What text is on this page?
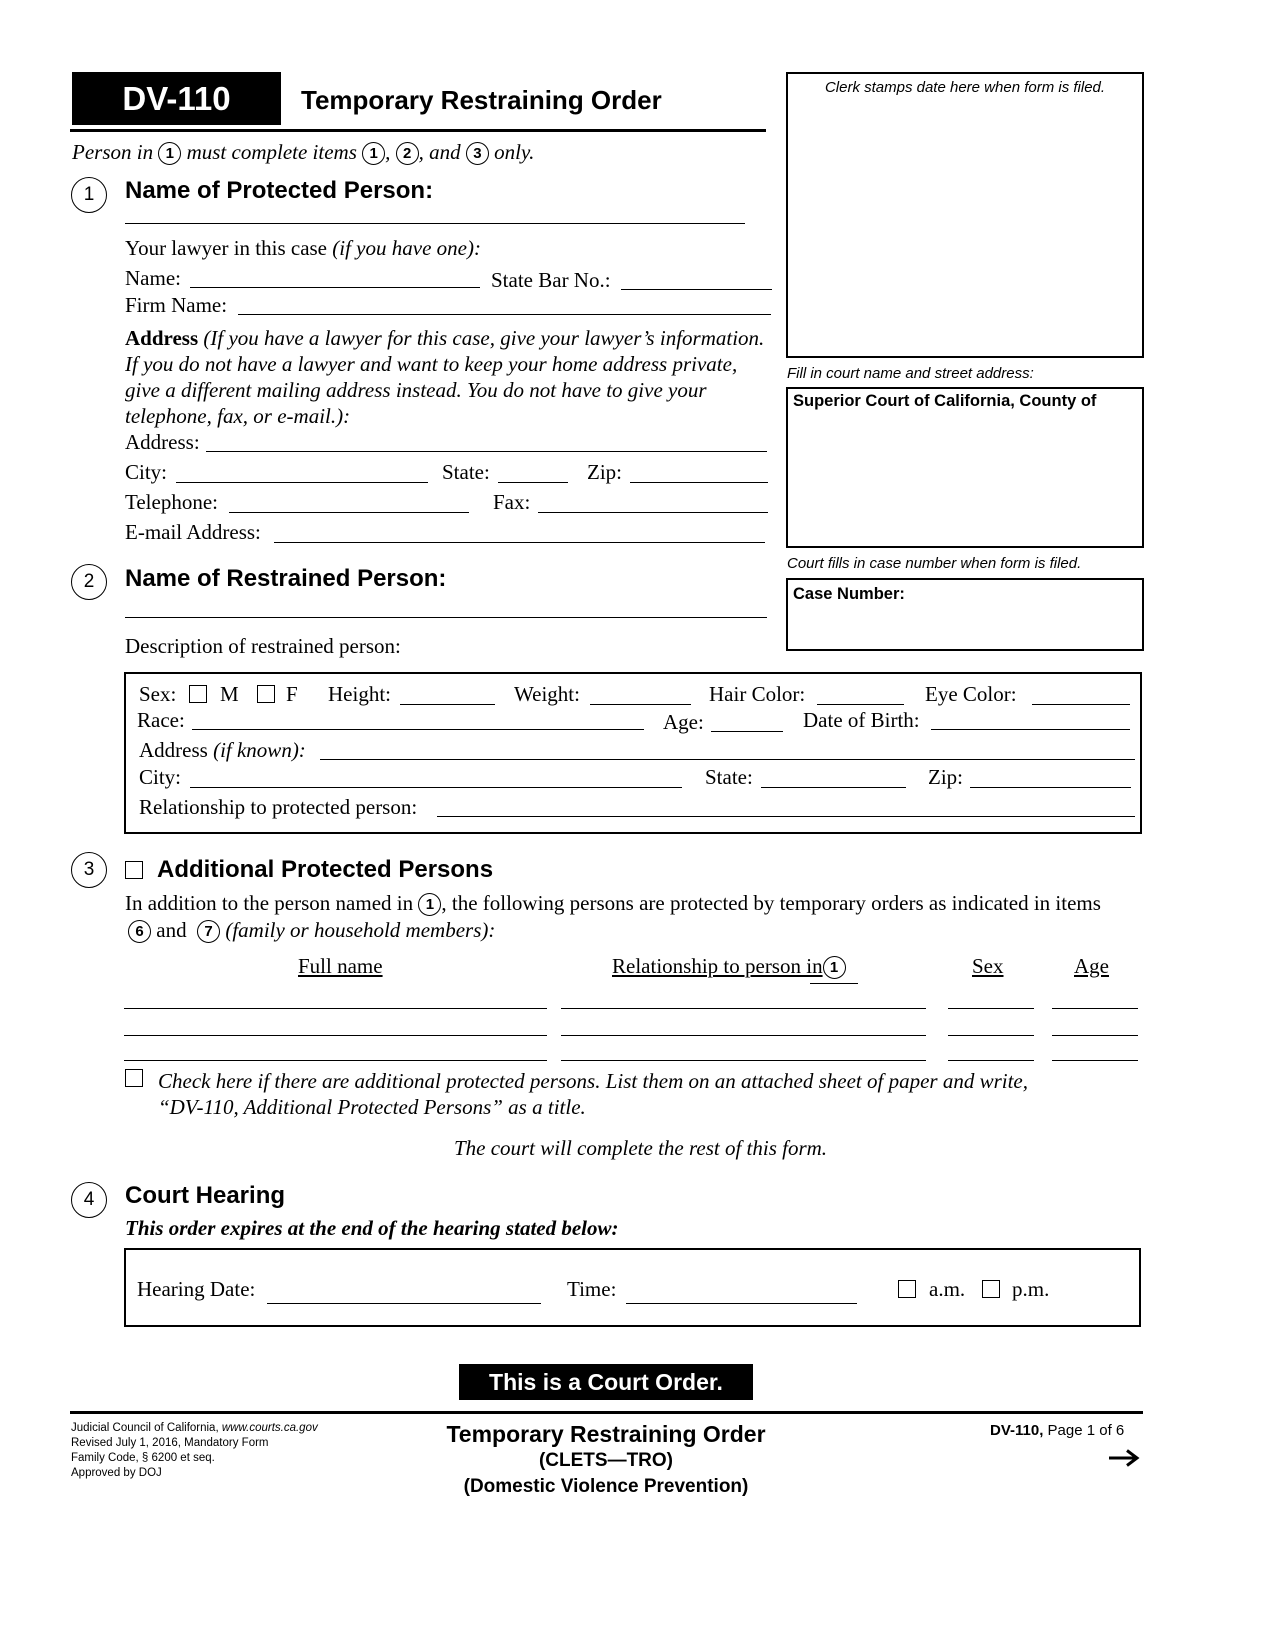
DV-110	Temporary Restraining Order
Person in 1 must complete items 1 , 2 , and 3 only.
Clerk stamps date here when form is filed.
Fill in court name and street address:
Superior Court of California, County of
Court fills in case number when form is filed.
Case Number:
1	Name of Protected Person:
Your lawyer in this case (if you have one):
Name:	State Bar No.:
Firm Name:
Address (If you have a lawyer for this case, give your lawyer’s information. If you do not have a lawyer and want to keep your home address private, give a different mailing address instead. You do not have to give your telephone, fax, or e-mail.):
Address:
City:	State:	Zip:
Telephone:	Fax:
E-mail Address:
2	Name of Restrained Person:
Description of restrained person:
Sex: M F Height:	Weight:	Hair Color:	Eye Color:
Race:	Age:	Date of Birth:
Address (if known):
City:	State:	Zip:
Relationship to protected person:
3	Additional Protected Persons
In addition to the person named in 1 , the following persons are protected by temporary orders as indicated in items
6 and 7 (family or household members):
Full name	Relationship to person in 1	Sex	Age
Check here if there are additional protected persons. List them on an attached sheet of paper and write,
“DV-110, Additional Protected Persons” as a title.
The court will complete the rest of this form.
4	Court Hearing
This order expires at the end of the hearing stated below:
Hearing Date:	Time:	a.m. p.m.
This is a Court Order.
Judicial Council of California, www.courts.ca.gov
Revised July 1, 2016, Mandatory Form
Family Code, § 6200 et seq.
Approved by DOJ
Temporary Restraining Order
(CLETS—TRO)
(Domestic Violence Prevention)
DV-110, Page 1 of 6
